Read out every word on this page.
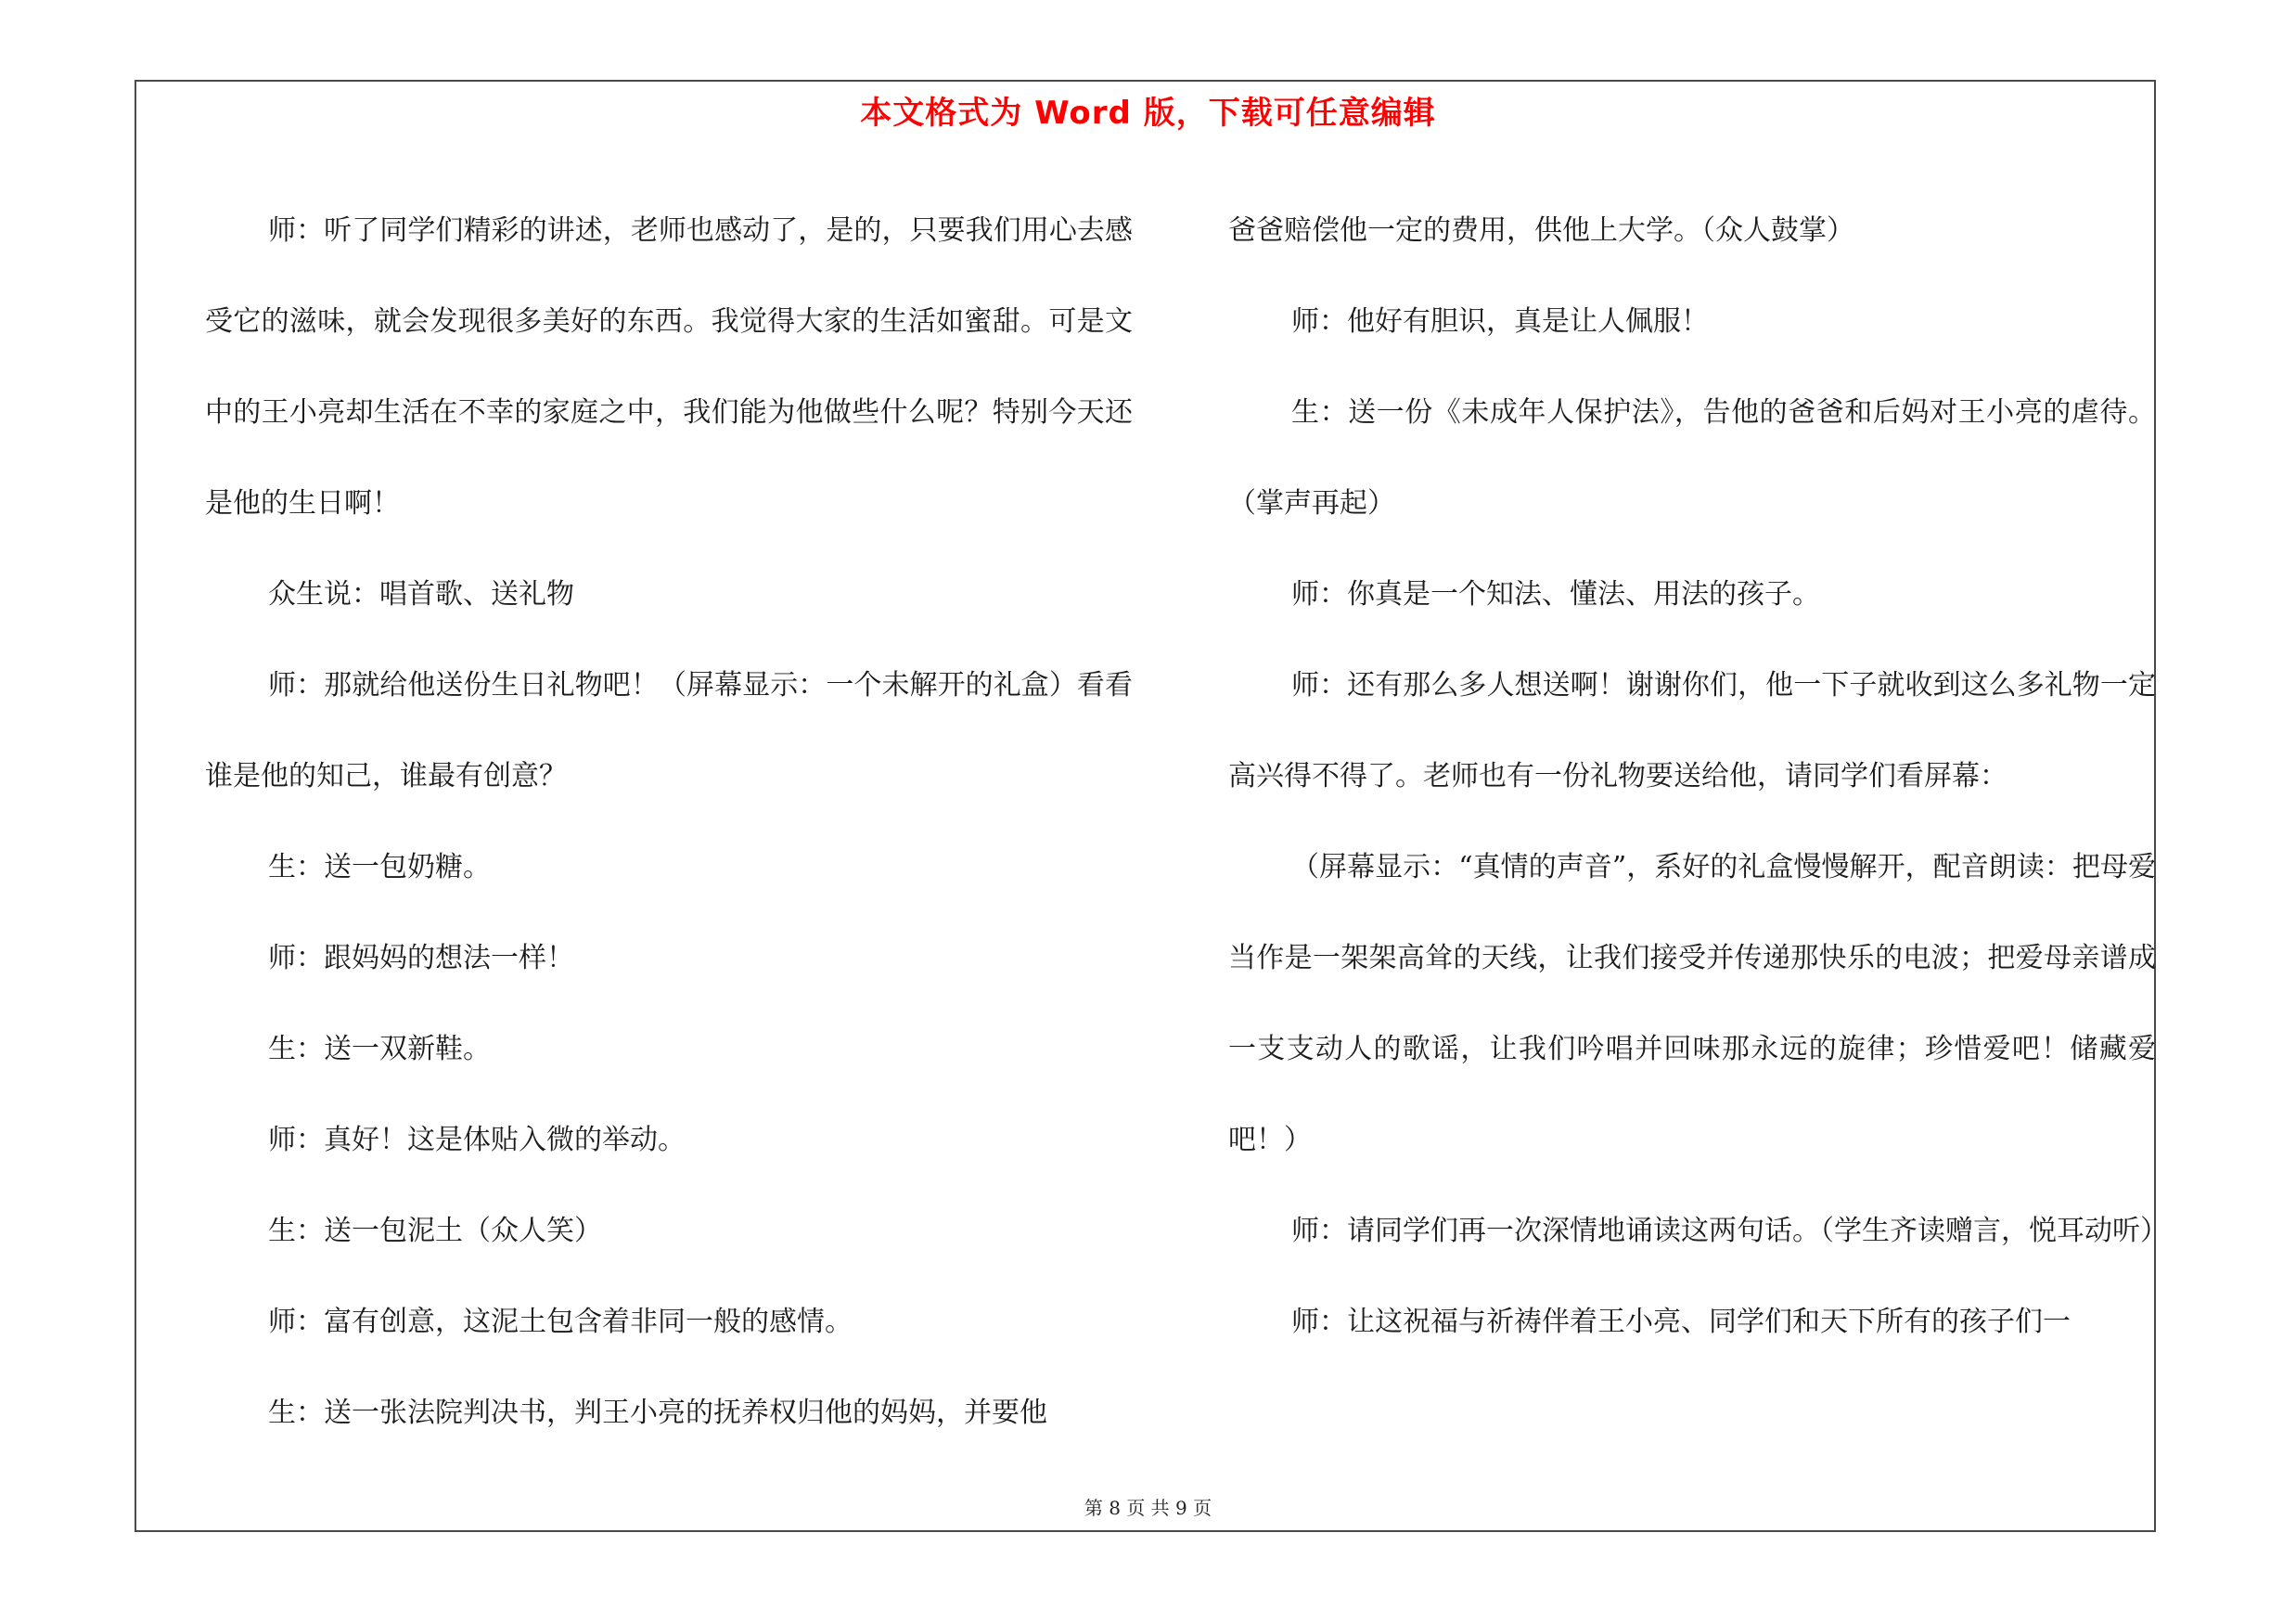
本文格式为 Word 版，下载可任意编辑

师：听了同学们精彩的讲述，老师也感动了，是的，只要我们用心去感受它的滋味，就会发现很多美好的东西。我觉得大家的生活如蜜甜。可是文中的王小亮却生活在不幸的家庭之中，我们能为他做些什么呢？特别今天还是他的生日啊！

众生说：唱首歌、送礼物

师：那就给他送份生日礼物吧！（屏幕显示：一个未解开的礼盒）看看谁是他的知己，谁最有创意？

生：送一包奶糖。

师：跟妈妈的想法一样！

生：送一双新鞋。

师：真好！这是体贴入微的举动。

生：送一包泥土（众人笑）

师：富有创意，这泥土包含着非同一般的感情。

生：送一张法院判决书，判王小亮的抚养权归他的妈妈，并要他

爸爸赔偿他一定的费用，供他上大学。（众人鼓掌）

师：他好有胆识，真是让人佩服！

生：送一份《未成年人保护法》，告他的爸爸和后妈对王小亮的虐待。（掌声再起）

师：你真是一个知法、懂法、用法的孩子。

师：还有那么多人想送啊！谢谢你们，他一下子就收到这么多礼物一定高兴得不得了。老师也有一份礼物要送给他，请同学们看屏幕：

（屏幕显示：“真情的声音”，系好的礼盒慢慢解开，配音朗读：把母爱当作是一架架高耸的天线，让我们接受并传递那快乐的电波；把爱母亲谱成一支支动人的歌谣，让我们吟唱并回味那永远的旋律；珍惜爱吧！储藏爱吧！）

师：请同学们再一次深情地诵读这两句话。（学生齐读赠言，悦耳动听）

师：让这祝福与祈祷伴着王小亮、同学们和天下所有的孩子们一

第 8 页 共 9 页
